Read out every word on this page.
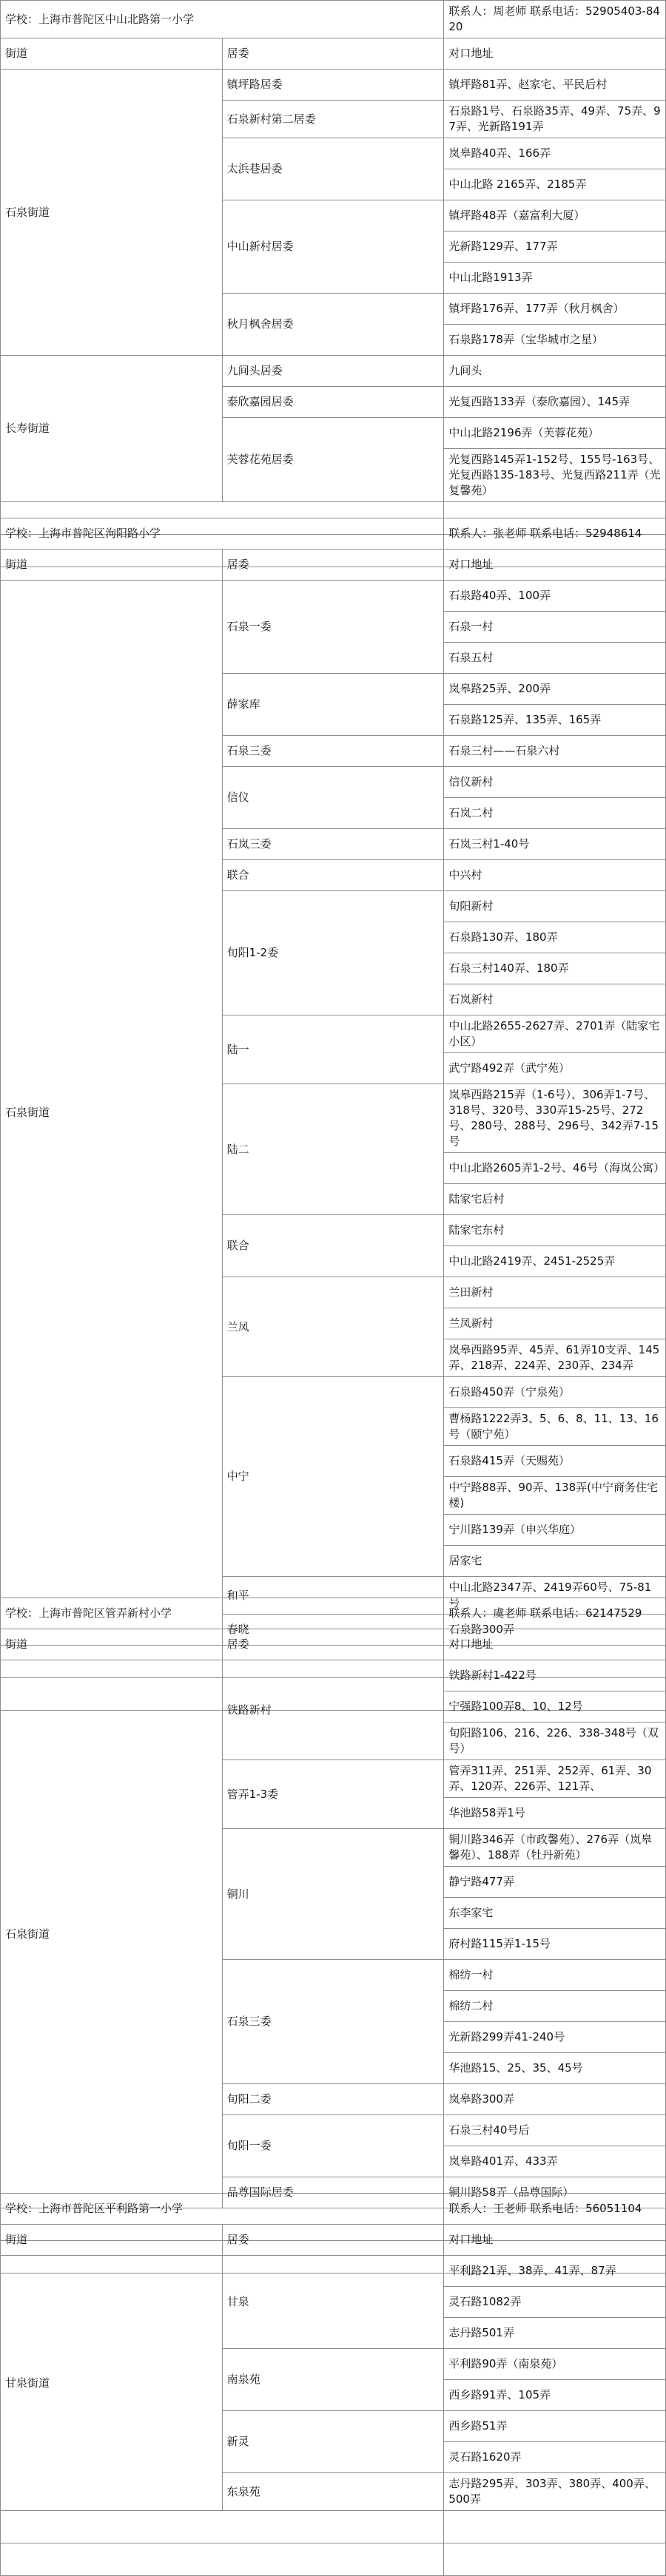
学校：上海市普陀区中山北路第一小学		联系人：周老师 联系电话：52905403-8420
街道	居委	对口地址
石泉街道	镇坪路居委	镇坪路81弄、赵家宅、平民后村
	石泉新村第二居委	石泉路1号、石泉路35弄、49弄、75弄、97弄、光新路191弄
	太浜巷居委	岚皋路40弄、166弄
		中山北路 2165弄、2185弄
	中山新村居委	镇坪路48弄（嘉富利大厦）
		光新路129弄、177弄
		中山北路1913弄
	秋月枫舍居委	镇坪路176弄、177弄（秋月枫舍）
		石泉路178弄（宝华城市之星）
长寿街道	九间头居委	九间头
	泰欣嘉园居委	光复西路133弄（泰欣嘉园）、145弄
	芙蓉花苑居委	中山北路2196弄（芙蓉花苑）
		光复西路145弄1-152号、155号-163号、光复西路135-183号、光复西路211弄（光复馨苑）

学校：上海市普陀区洵阳路小学		联系人：张老师 联系电话：52948614
街道	居委	对口地址
石泉街道	石泉一委	石泉路40弄、100弄
		石泉一村
		石泉五村
	薛家库	岚皋路25弄、200弄
		石泉路125弄、135弄、165弄
	石泉三委	石泉三村——石泉六村
	信仪	信仪新村
		石岚二村
	石岚三委	石岚三村1-40号
	联合	中兴村
	旬阳1-2委	旬阳新村
		石泉路130弄、180弄
		石泉三村140弄、180弄
		石岚新村
	陆一	中山北路2655-2627弄、2701弄（陆家宅小区）
		武宁路492弄（武宁苑）
	陆二	岚皋西路215弄（1-6号）、306弄1-7号、318号、320号、330弄15-25号、272号、280号、288号、296号、342弄7-15号
		中山北路2605弄1-2号、46号（海岚公寓）
		陆家宅后村
	联合	陆家宅东村
		中山北路2419弄、2451-2525弄
	兰凤	兰田新村
		兰凤新村
		岚皋西路95弄、45弄、61弄10支弄、145弄、218弄、224弄、230弄、234弄
	中宁	石泉路450弄（宁泉苑）
		曹杨路1222弄3、5、6、8、11、13、16号（颐宁苑）
		石泉路415弄（天赐苑）
		中宁路88弄、90弄、138弄(中宁商务住宅楼)
		宁川路139弄（申兴华庭）
		居家宅
	和平	中山北路2347弄、2419弄60号、75-81号
	春晓	石泉路300弄

学校：上海市普陀区管弄新村小学		联系人：虞老师 联系电话：62147529
街道	居委	对口地址
石泉街道	铁路新村	铁路新村1-422号
		宁强路100弄8、10、12号
		旬阳路106、216、226、338-348号（双号）
	管弄1-3委	管弄311弄、251弄、252弄、61弄、30弄、120弄、226弄、121弄、
		华池路58弄1号
	铜川	铜川路346弄（市政馨苑）、276弄（岚皋馨苑）、188弄（牡丹新苑）
		静宁路477弄
		东李家宅
		府村路115弄1-15号
	石泉三委	棉纺一村
		棉纺二村
		光新路299弄41-240号
		华池路15、25、35、45号
	旬阳二委	岚皋路300弄
	旬阳一委	石泉三村40号后
		岚皋路401弄、433弄
	品尊国际居委	铜川路58弄（品尊国际）

学校：上海市普陀区平利路第一小学		联系人：王老师 联系电话：56051104
街道	居委	对口地址
甘泉街道	甘泉	平利路21弄、38弄、41弄、87弄
		灵石路1082弄
		志丹路501弄
	南泉苑	平利路90弄（南泉苑）
		西乡路91弄、105弄
	新灵	西乡路51弄
		灵石路1620弄
	东泉苑	志丹路295弄、303弄、380弄、400弄、500弄
